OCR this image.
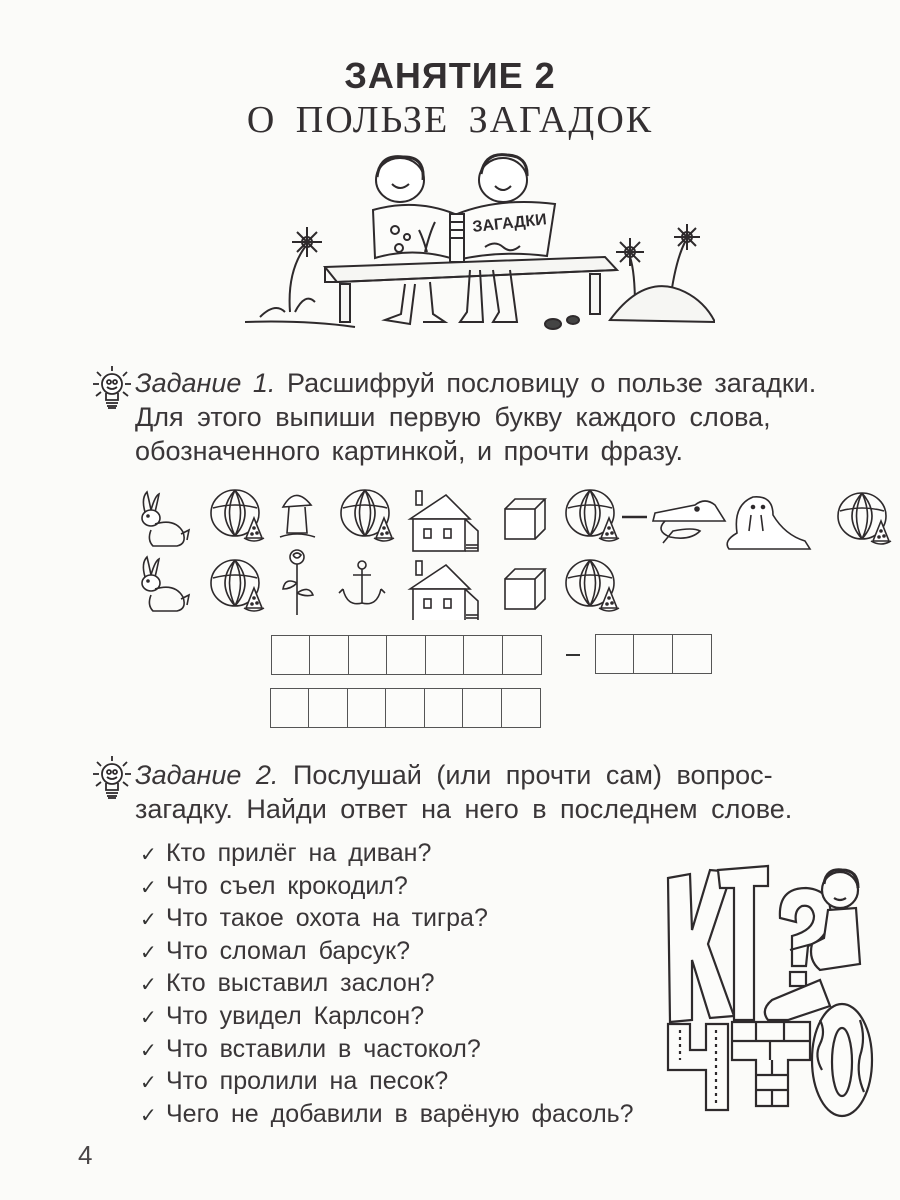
ЗАНЯТИЕ 2
О ПОЛЬЗЕ ЗАГАДОК
ЗАГАДКИ
Задание 1. Расшифруй пословицу о пользе загадки.
Для этого выпиши первую букву каждого слова,
обозначенного картинкой, и прочти фразу.
Задание 2. Послушай (или прочти сам) вопрос-
загадку. Найди ответ на него в последнем слове.
✓ Кто прилёг на диван?
✓ Что съел крокодил?
✓ Что такое охота на тигра?
✓ Что сломал барсук?
✓ Кто выставил заслон?
✓ Что увидел Карлсон?
✓ Что вставили в частокол?
✓ Что пролили на песок?
✓ Чего не добавили в варёную фасоль?
4
